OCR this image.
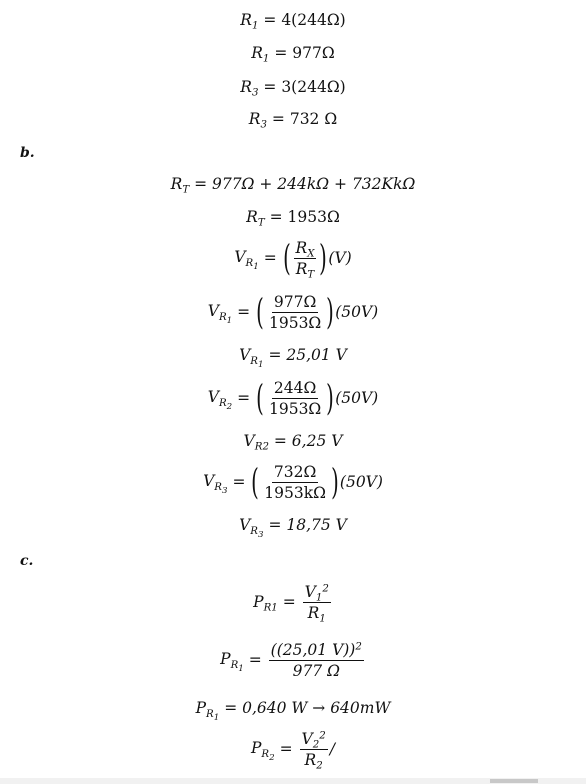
$R_1 = 4(244\Omega)$
$R_1 = 977\Omega$
$R_3 = 3(244\Omega)$
$R_3 = 732$ Ω
b.
$R_T = 977\Omega + 244k\Omega + 732Kk\Omega$
$R_T = 1953\Omega$
$V_{R_1}$ = ( $\frac{R_X}{R_T} )(V)$
$V_{R_1}$ = ( $\frac{977\Omega}{1953\Omega} )(50V)$
$V_{R_1} = 25,01$ V
$V_{R_2}$ = ( $\frac{244\Omega}{1953\Omega} )(50V)$
$V_{R2} = 6,25$ V
$V_{R_3}$ = ( $\frac{732\Omega}{1953k\Omega} )(50V)$
$V_{R_3} = 18,75$ V
c.
$P_{R1} = \frac{V_1^2}{R_1}$
$P_{R_1} = \frac{((25,01 V))^2}{977 \Omega}$
$P_{R_1} = 0,640$ W → 640mW
$P_{R_2} = \frac{V_2^2}{R_2}$ /
